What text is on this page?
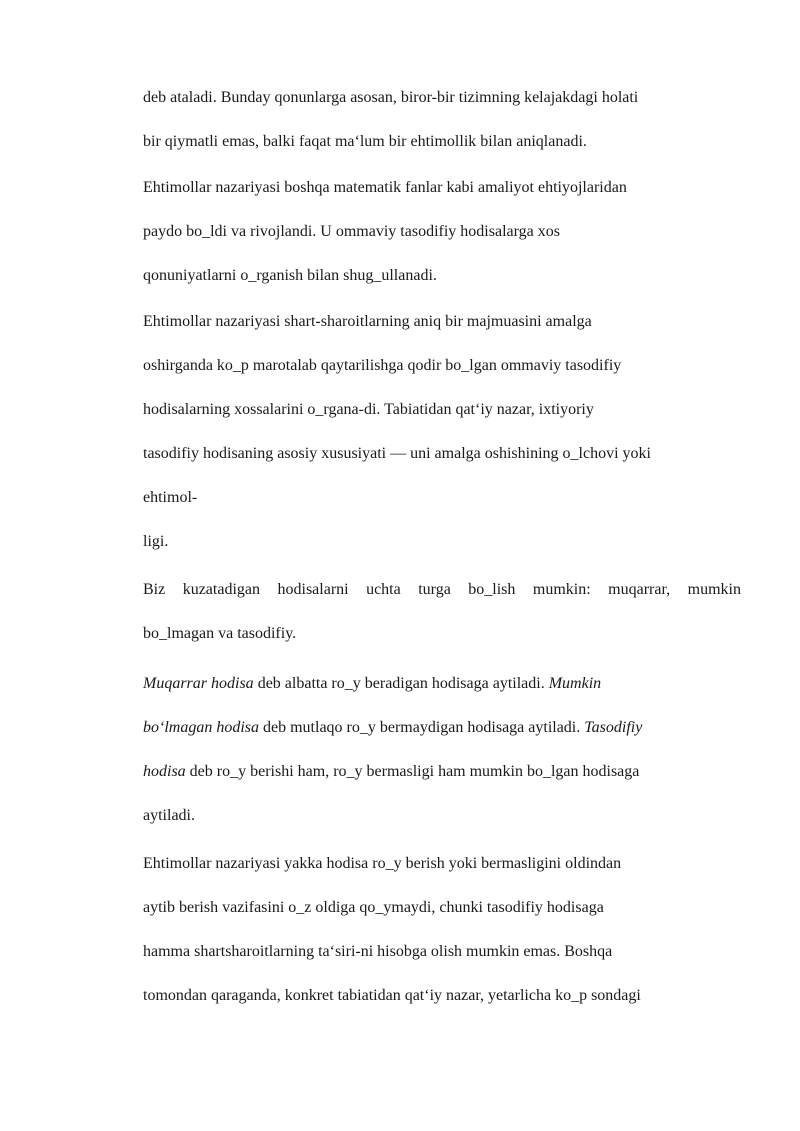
deb ataladi. Bunday qonunlarga asosan, biror-bir tizimning kelajakdagi holati
bir qiymatli emas, balki faqat maʻlum bir ehtimollik bilan aniqlanadi.
Ehtimollar nazariyasi boshqa matematik fanlar kabi amaliyot ehtiyojlaridan
paydo bo_ldi va rivojlandi. U ommaviy tasodifiy hodisalarga xos
qonuniyatlarni o_rganish bilan shug_ullanadi.
Ehtimollar nazariyasi shart-sharoitlarning aniq bir majmuasini amalga
oshirganda ko_p marotalab qaytarilishga qodir bo_lgan ommaviy tasodifiy
hodisalarning xossalarini o_rgana-di. Tabiatidan qatʻiy nazar, ixtiyoriy
tasodifiy hodisaning asosiy xususiyati — uni amalga oshishining o_lchovi yoki
ehtimol-
ligi.
Biz kuzatadigan hodisalarni uchta turga bo_lish mumkin: muqarrar, mumkin
bo_lmagan va tasodifiy.
Muqarrar hodisa deb albatta ro_y beradigan hodisaga aytiladi. Mumkin
boʻlmagan hodisa deb mutlaqo ro_y bermaydigan hodisaga aytiladi. Tasodifiy
hodisa deb ro_y berishi ham, ro_y bermasligi ham mumkin bo_lgan hodisaga
aytiladi.
Ehtimollar nazariyasi yakka hodisa ro_y berish yoki bermasligini oldindan
aytib berish vazifasini o_z oldiga qo_ymaydi, chunki tasodifiy hodisaga
hamma shartsharoitlarning taʻsiri-ni hisobga olish mumkin emas. Boshqa
tomondan qaraganda, konkret tabiatidan qatʻiy nazar, yetarlicha ko_p sondagi
